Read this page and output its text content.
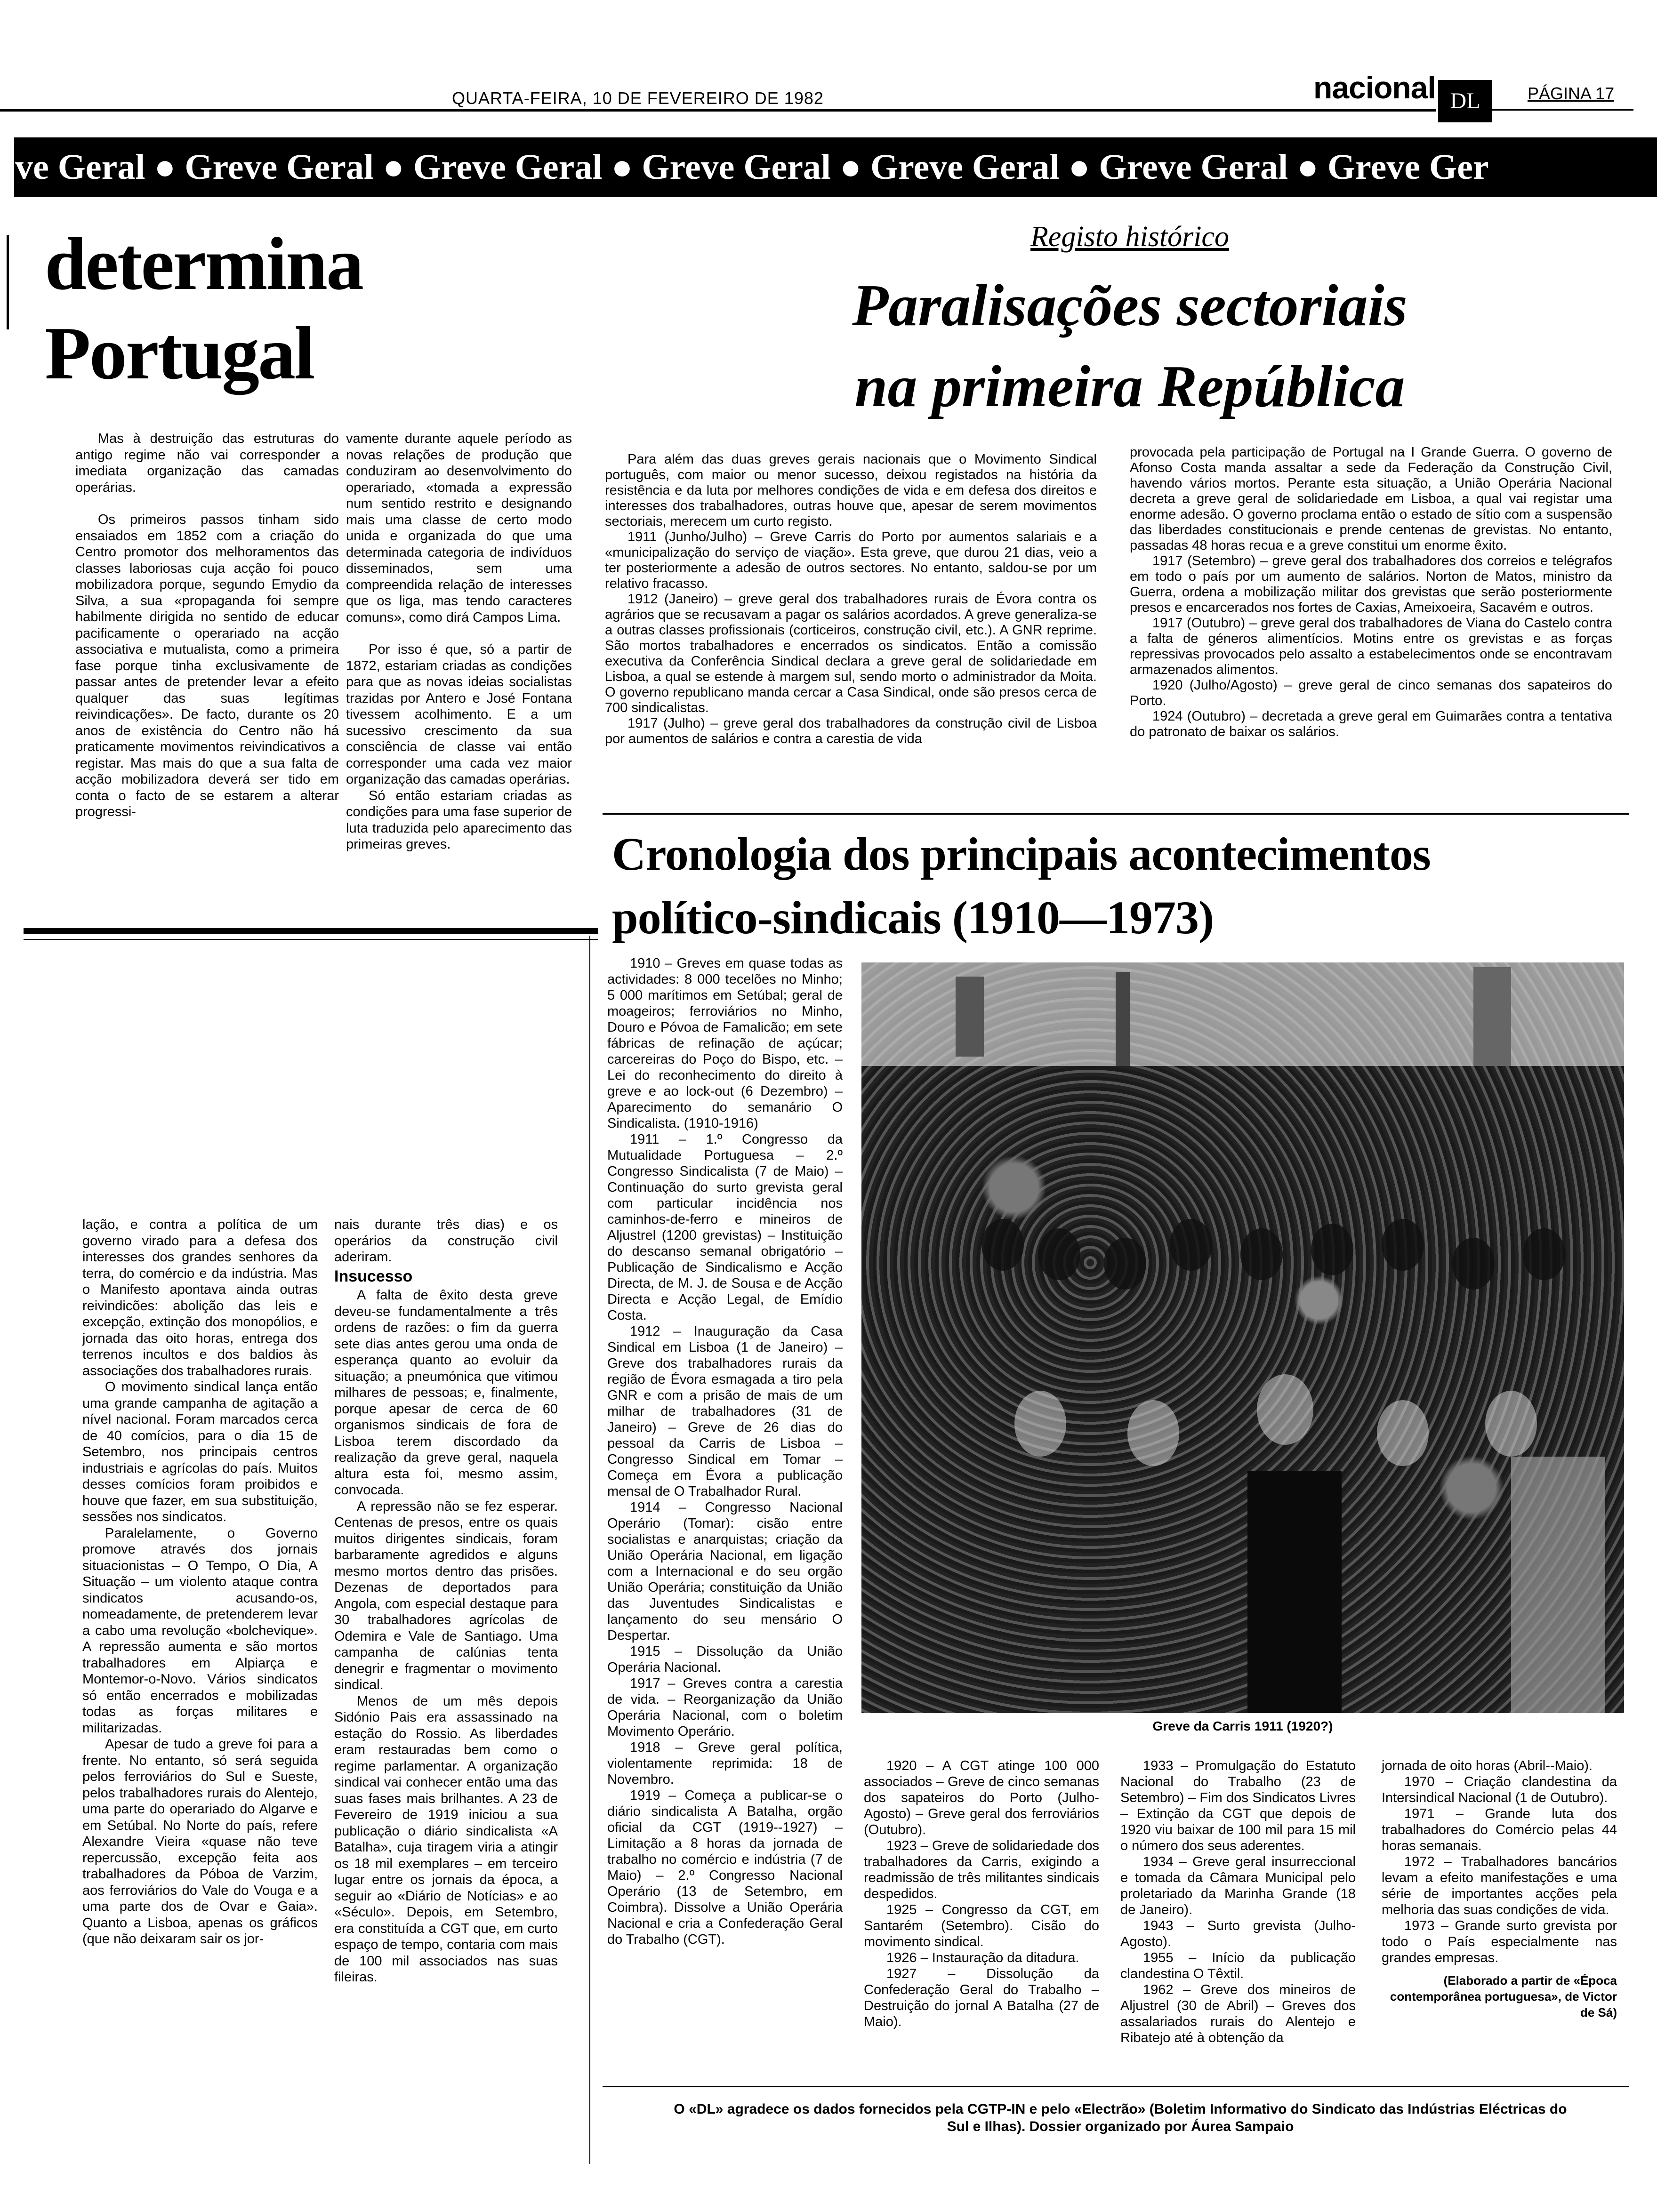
QUARTA-FEIRA, 10 DE FEVEREIRO DE 1982	nacional DL	PÁGINA 17
ve Geral ● Greve Geral ● Greve Geral ● Greve Geral ● Greve Geral ● Greve Geral ● Greve Ger
determina
Portugal

Mas à destruição das estruturas do antigo regime não vai corresponder a imediata organização das camadas operárias.

Os primeiros passos tinham sido ensaiados em 1852 com a criação do Centro promotor dos melhoramentos das classes laboriosas cuja acção foi pouco mobilizadora porque, segundo Emydio da Silva, a sua «propaganda foi sempre habilmente dirigida no sentido de educar pacificamente o operariado na acção associativa e mutualista, como a primeira fase porque tinha exclusivamente de passar antes de pretender levar a efeito qualquer das suas legítimas reivindicações». De facto, durante os 20 anos de existência do Centro não há praticamente movimentos reivindicativos a registar. Mas mais do que a sua falta de acção mobilizadora deverá ser tido em conta o facto de se estarem a alterar progressi-

vamente durante aquele período as novas relações de produção que conduziram ao desenvolvimento do operariado, «tomada a expressão num sentido restrito e designando mais uma classe de certo modo unida e organizada do que uma determinada categoria de indivíduos disseminados, sem uma compreendida relação de interesses que os liga, mas tendo caracteres comuns», como dirá Campos Lima.

Por isso é que, só a partir de 1872, estariam criadas as condições para que as novas ideias socialistas trazidas por Antero e José Fontana tivessem acolhimento. E a um sucessivo crescimento da sua consciência de classe vai então corresponder uma cada vez maior organização das camadas operárias.

Só então estariam criadas as condições para uma fase superior de luta traduzida pelo aparecimento das primeiras greves.

lação, e contra a política de um governo virado para a defesa dos interesses dos grandes senhores da terra, do comércio e da indústria. Mas o Manifesto apontava ainda outras reivindicões: abolição das leis e excepção, extinção dos monopólios, e jornada das oito horas, entrega dos terrenos incultos e dos baldios às associações dos trabalhadores rurais.

O movimento sindical lança então uma grande campanha de agitação a nível nacional. Foram marcados cerca de 40 comícios, para o dia 15 de Setembro, nos principais centros industriais e agrícolas do país. Muitos desses comícios foram proibidos e houve que fazer, em sua substituição, sessões nos sindicatos.

Paralelamente, o Governo promove através dos jornais situacionistas – O Tempo, O Dia, A Situação – um violento ataque contra sindicatos acusando-os, nomeadamente, de pretenderem levar a cabo uma revolução «bolchevique». A repressão aumenta e são mortos trabalhadores em Alpiarça e Montemor-o-Novo. Vários sindicatos só então encerrados e mobilizadas todas as forças militares e militarizadas.

Apesar de tudo a greve foi para a frente. No entanto, só será seguida pelos ferroviários do Sul e Sueste, pelos trabalhadores rurais do Alentejo, uma parte do operariado do Algarve e em Setúbal. No Norte do país, refere Alexandre Vieira «quase não teve repercussão, excepção feita aos trabalhadores da Póboa de Varzim, aos ferroviários do Vale do Vouga e a uma parte dos de Ovar e Gaia». Quanto a Lisboa, apenas os gráficos (que não deixaram sair os jor-

nais durante três dias) e os operários da construção civil aderiram.

Insucesso

A falta de êxito desta greve deveu-se fundamentalmente a três ordens de razões: o fim da guerra sete dias antes gerou uma onda de esperança quanto ao evoluir da situação; a pneumónica que vitimou milhares de pessoas; e, finalmente, porque apesar de cerca de 60 organismos sindicais de fora de Lisboa terem discordado da realização da greve geral, naquela altura esta foi, mesmo assim, convocada.

A repressão não se fez esperar. Centenas de presos, entre os quais muitos dirigentes sindicais, foram barbaramente agredidos e alguns mesmo mortos dentro das prisões. Dezenas de deportados para Angola, com especial destaque para 30 trabalhadores agrícolas de Odemira e Vale de Santiago. Uma campanha de calúnias tenta denegrir e fragmentar o movimento sindical.

Menos de um mês depois Sidónio Pais era assassinado na estação do Rossio. As liberdades eram restauradas bem como o regime parlamentar. A organização sindical vai conhecer então uma das suas fases mais brilhantes. A 23 de Fevereiro de 1919 iniciou a sua publicação o diário sindicalista «A Batalha», cuja tiragem viria a atingir os 18 mil exemplares – em terceiro lugar entre os jornais da época, a seguir ao «Diário de Notícias» e ao «Século». Depois, em Setembro, era constituída a CGT que, em curto espaço de tempo, contaria com mais de 100 mil associados nas suas fileiras.

Registo histórico
Paralisações sectoriais
na primeira República

Para além das duas greves gerais nacionais que o Movimento Sindical português, com maior ou menor sucesso, deixou registados na história da resistência e da luta por melhores condições de vida e em defesa dos direitos e interesses dos trabalhadores, outras houve que, apesar de serem movimentos sectoriais, merecem um curto registo.

1911 (Junho/Julho) – Greve Carris do Porto por aumentos salariais e a «municipalização do serviço de viação». Esta greve, que durou 21 dias, veio a ter posteriormente a adesão de outros sectores. No entanto, saldou-se por um relativo fracasso.

1912 (Janeiro) – greve geral dos trabalhadores rurais de Évora contra os agrários que se recusavam a pagar os salários acordados. A greve generaliza-se a outras classes profissionais (corticeiros, construção civil, etc.). A GNR reprime. São mortos trabalhadores e encerrados os sindicatos. Então a comissão executiva da Conferência Sindical declara a greve geral de solidariedade em Lisboa, a qual se estende à margem sul, sendo morto o administrador da Moita. O governo republicano manda cercar a Casa Sindical, onde são presos cerca de 700 sindicalistas.

1917 (Julho) – greve geral dos trabalhadores da construção civil de Lisboa por aumentos de salários e contra a carestia de vida

provocada pela participação de Portugal na I Grande Guerra. O governo de Afonso Costa manda assaltar a sede da Federação da Construção Civil, havendo vários mortos. Perante esta situação, a União Operária Nacional decreta a greve geral de solidariedade em Lisboa, a qual vai registar uma enorme adesão. O governo proclama então o estado de sítio com a suspensão das liberdades constitucionais e prende centenas de grevistas. No entanto, passadas 48 horas recua e a greve constitui um enorme êxito.

1917 (Setembro) – greve geral dos trabalhadores dos correios e telégrafos em todo o país por um aumento de salários. Norton de Matos, ministro da Guerra, ordena a mobilização militar dos grevistas que serão posteriormente presos e encarcerados nos fortes de Caxias, Ameixoeira, Sacavém e outros.

1917 (Outubro) – greve geral dos trabalhadores de Viana do Castelo contra a falta de géneros alimentícios. Motins entre os grevistas e as forças repressivas provocados pelo assalto a estabelecimentos onde se encontravam armazenados alimentos.

1920 (Julho/Agosto) – greve geral de cinco semanas dos sapateiros do Porto.

1924 (Outubro) – decretada a greve geral em Guimarães contra a tentativa do patronato de baixar os salários.

Cronologia dos principais acontecimentos
político-sindicais (1910—1973)

1910 – Greves em quase todas as actividades: 8 000 tecelões no Minho; 5 000 marítimos em Setúbal; geral de moageiros; ferroviários no Minho, Douro e Póvoa de Famalicão; em sete fábricas de refinação de açúcar; carcereiras do Poço do Bispo, etc. – Lei do reconhecimento do direito à greve e ao lock-out (6 Dezembro) – Aparecimento do semanário O Sindicalista. (1910-1916)

1911 – 1.º Congresso da Mutualidade Portuguesa – 2.º Congresso Sindicalista (7 de Maio) – Continuação do surto grevista geral com particular incidência nos caminhos-de-ferro e mineiros de Aljustrel (1200 grevistas) – Instituição do descanso semanal obrigatório – Publicação de Sindicalismo e Acção Directa, de M. J. de Sousa e de Acção Directa e Acção Legal, de Emídio Costa.

1912 – Inauguração da Casa Sindical em Lisboa (1 de Janeiro) – Greve dos trabalhadores rurais da região de Évora esmagada a tiro pela GNR e com a prisão de mais de um milhar de trabalhadores (31 de Janeiro) – Greve de 26 dias do pessoal da Carris de Lisboa – Congresso Sindical em Tomar – Começa em Évora a publicação mensal de O Trabalhador Rural.

1914 – Congresso Nacional Operário (Tomar): cisão entre socialistas e anarquistas; criação da União Operária Nacional, em ligação com a Internacional e do seu orgão União Operária; constituição da União das Juventudes Sindicalistas e lançamento do seu mensário O Despertar.

1915 – Dissolução da União Operária Nacional.

1917 – Greves contra a carestia de vida. – Reorganização da União Operária Nacional, com o boletim Movimento Operário.

1918 – Greve geral política, violentamente reprimida: 18 de Novembro.

1919 – Começa a publicar-se o diário sindicalista A Batalha, orgão oficial da CGT (1919--1927) – Limitação a 8 horas da jornada de trabalho no comércio e indústria (7 de Maio) – 2.º Congresso Nacional Operário (13 de Setembro, em Coimbra). Dissolve a União Operária Nacional e cria a Confederação Geral do Trabalho (CGT).

Greve da Carris 1911 (1920?)

1920 – A CGT atinge 100 000 associados – Greve de cinco semanas dos sapateiros do Porto (Julho-Agosto) – Greve geral dos ferroviários (Outubro).

1923 – Greve de solidariedade dos trabalhadores da Carris, exigindo a readmissão de três militantes sindicais despedidos.

1925 – Congresso da CGT, em Santarém (Setembro). Cisão do movimento sindical.

1926 – Instauração da ditadura.

1927 – Dissolução da Confederação Geral do Trabalho – Destruição do jornal A Batalha (27 de Maio).

1933 – Promulgação do Estatuto Nacional do Trabalho (23 de Setembro) – Fim dos Sindicatos Livres – Extinção da CGT que depois de 1920 viu baixar de 100 mil para 15 mil o número dos seus aderentes.

1934 – Greve geral insurreccional e tomada da Câmara Municipal pelo proletariado da Marinha Grande (18 de Janeiro).

1943 – Surto grevista (Julho-Agosto).

1955 – Início da publicação clandestina O Têxtil.

1962 – Greve dos mineiros de Aljustrel (30 de Abril) – Greves dos assalariados rurais do Alentejo e Ribatejo até à obtenção da

jornada de oito horas (Abril--Maio).

1970 – Criação clandestina da Intersindical Nacional (1 de Outubro).

1971 – Grande luta dos trabalhadores do Comércio pelas 44 horas semanais.

1972 – Trabalhadores bancários levam a efeito manifestações e uma série de importantes acções pela melhoria das suas condições de vida.

1973 – Grande surto grevista por todo o País especialmente nas grandes empresas.

(Elaborado a partir de «Época contemporânea portuguesa», de Victor de Sá)

O «DL» agradece os dados fornecidos pela CGTP-IN e pelo «Electrão» (Boletim Informativo do Sindicato das Indústrias Eléctricas do
Sul e Ilhas). Dossier organizado por Áurea Sampaio
